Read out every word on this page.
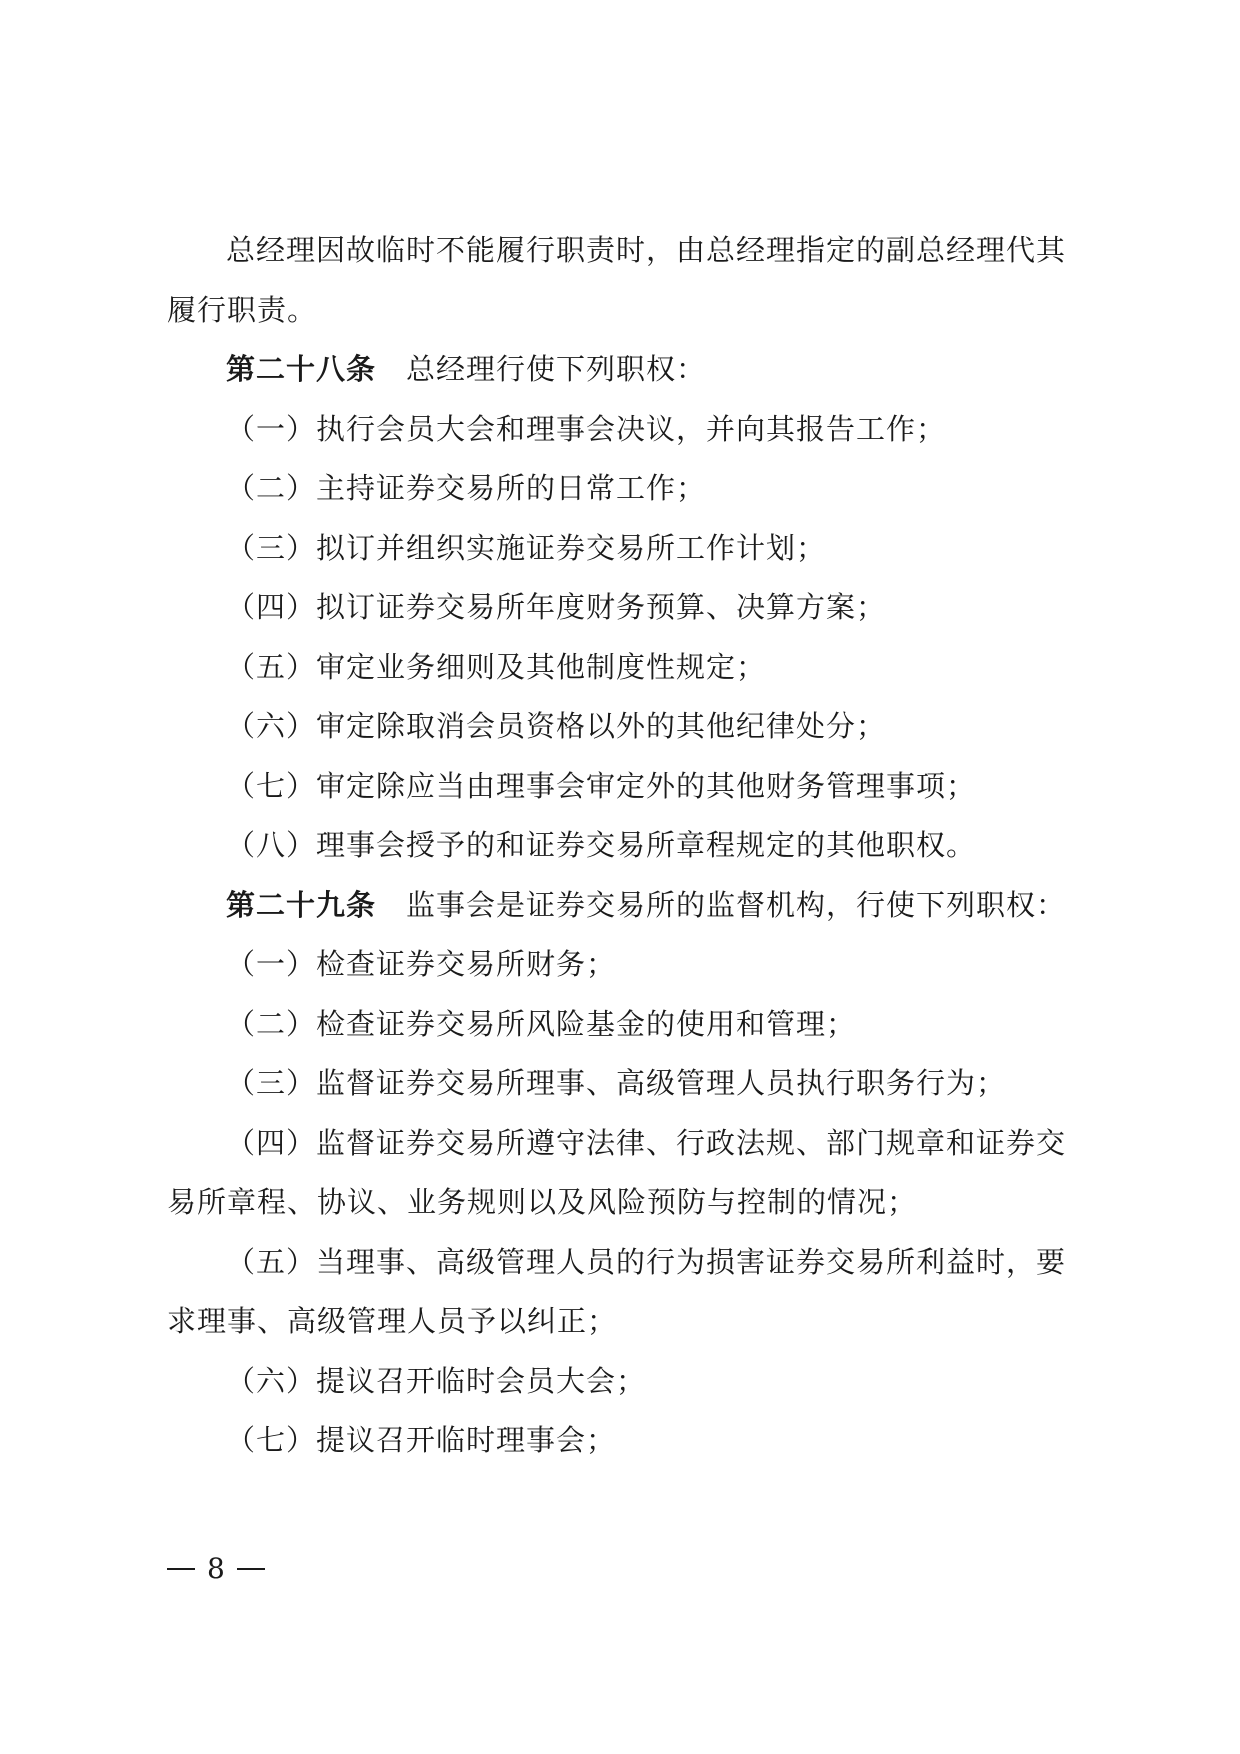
总经理因故临时不能履行职责时，由总经理指定的副总经理代其履行职责。

第二十八条 总经理行使下列职权：

（一）执行会员大会和理事会决议，并向其报告工作；

（二）主持证券交易所的日常工作；

（三）拟订并组织实施证券交易所工作计划；

（四）拟订证券交易所年度财务预算、决算方案；

（五）审定业务细则及其他制度性规定；

（六）审定除取消会员资格以外的其他纪律处分；

（七）审定除应当由理事会审定外的其他财务管理事项；

（八）理事会授予的和证券交易所章程规定的其他职权。

第二十九条 监事会是证券交易所的监督机构，行使下列职权：

（一）检查证券交易所财务；

（二）检查证券交易所风险基金的使用和管理；

（三）监督证券交易所理事、高级管理人员执行职务行为；

（四）监督证券交易所遵守法律、行政法规、部门规章和证券交易所章程、协议、业务规则以及风险预防与控制的情况；

（五）当理事、高级管理人员的行为损害证券交易所利益时，要求理事、高级管理人员予以纠正；

（六）提议召开临时会员大会；

（七）提议召开临时理事会；

8
